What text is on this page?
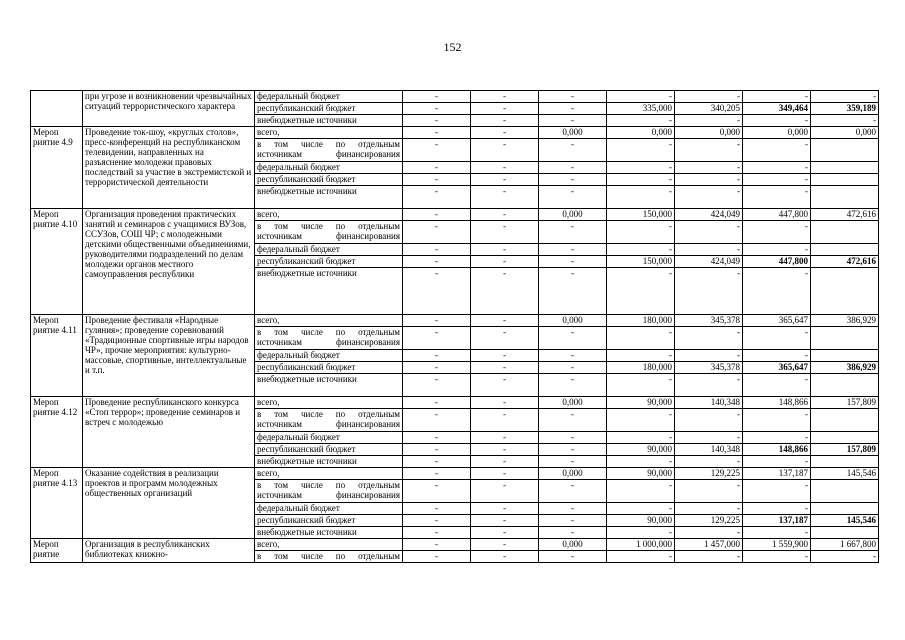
152
	при угрозе и возникновении чрезвычайных ситуаций террористического характера	федеральный бюджет	-	-	-	-	-	-	-
		республиканский бюджет	-	-	-	335,000	340,205	349,464	359,189
		внебюджетные источники	-	-	-	-	-	-	-
Мероп риятие 4.9	Проведение ток-шоу, «круглых столов», пресс-конференций на республиканском телевидении, направленных на разъяснение молодежи правовых последствий за участие в экстремистской и террористической деятельности	всего,	-	-	0,000	0,000	0,000	0,000	0,000
		в том числе по отдельным источникам финансирования	-	-	-	-	-	-	
		федеральный бюджет	-	-	-	-	-	-	
		республиканский бюджет	-	-	-	-	-	-	
		внебюджетные источники	-	-	-	-	-	-	
Мероп риятие 4.10	Организация проведения практических занятий и семинаров с учащимися ВУЗов, ССУЗов, СОШ ЧР; с молодежными детскими общественными объединениями, руководителями подразделений по делам молодежи органов местного самоуправления республики	всего,	-	-	0,000	150,000	424,049	447,800	472,616
		в том числе по отдельным источникам финансирования	-	-	-	-	-	-	
		федеральный бюджет	-	-	-	-	-	-	
		республиканский бюджет	-	-	-	150,000	424,049	447,800	472,616
		внебюджетные источники	-	-	-	-	-	-	
Мероп риятие 4.11	Проведение фестиваля «Народные гуляния»; проведение соревнований «Традиционные спортивные игры народов ЧР», прочие мероприятия: культурно-массовые, спортивные, интеллектуальные и т.п.	всего,	-	-	0,000	180,000	345,378	365,647	386,929
		в том числе по отдельным источникам финансирования	-	-	-	-	-	-	
		федеральный бюджет	-	-	-	-	-	-	
		республиканский бюджет	-	-	-	180,000	345,378	365,647	386,929
		внебюджетные источники	-	-	-	-	-	-	
Мероп риятие 4.12	Проведение республиканского конкурса «Стоп террор»; проведение семинаров и встреч с молодежью	всего,	-	-	0,000	90,000	140,348	148,866	157,809
		в том числе по отдельным источникам финансирования	-	-	-	-	-	-	
		федеральный бюджет	-	-	-	-	-	-	
		республиканский бюджет	-	-	-	90,000	140,348	148,866	157,809
		внебюджетные источники	-	-	-	-	-	-	
Мероп риятие 4.13	Оказание содействия в реализации проектов и программ молодежных общественных организаций	всего,	-	-	0,000	90,000	129,225	137,187	145,546
		в том числе по отдельным источникам финансирования	-	-	-	-	-	-	
		федеральный бюджет	-	-	-	-	-	-	
		республиканский бюджет	-	-	-	90,000	129,225	137,187	145,546
		внебюджетные источники	-	-	-	-	-	-	
Мероп риятие	Организация в республиканских библиотеках книжно-	всего,	-	-	0,000	1 000,000	1 457,000	1 559,900	1 667,800
		в том числе по отдельным	-	-	-	-	-	-	-
